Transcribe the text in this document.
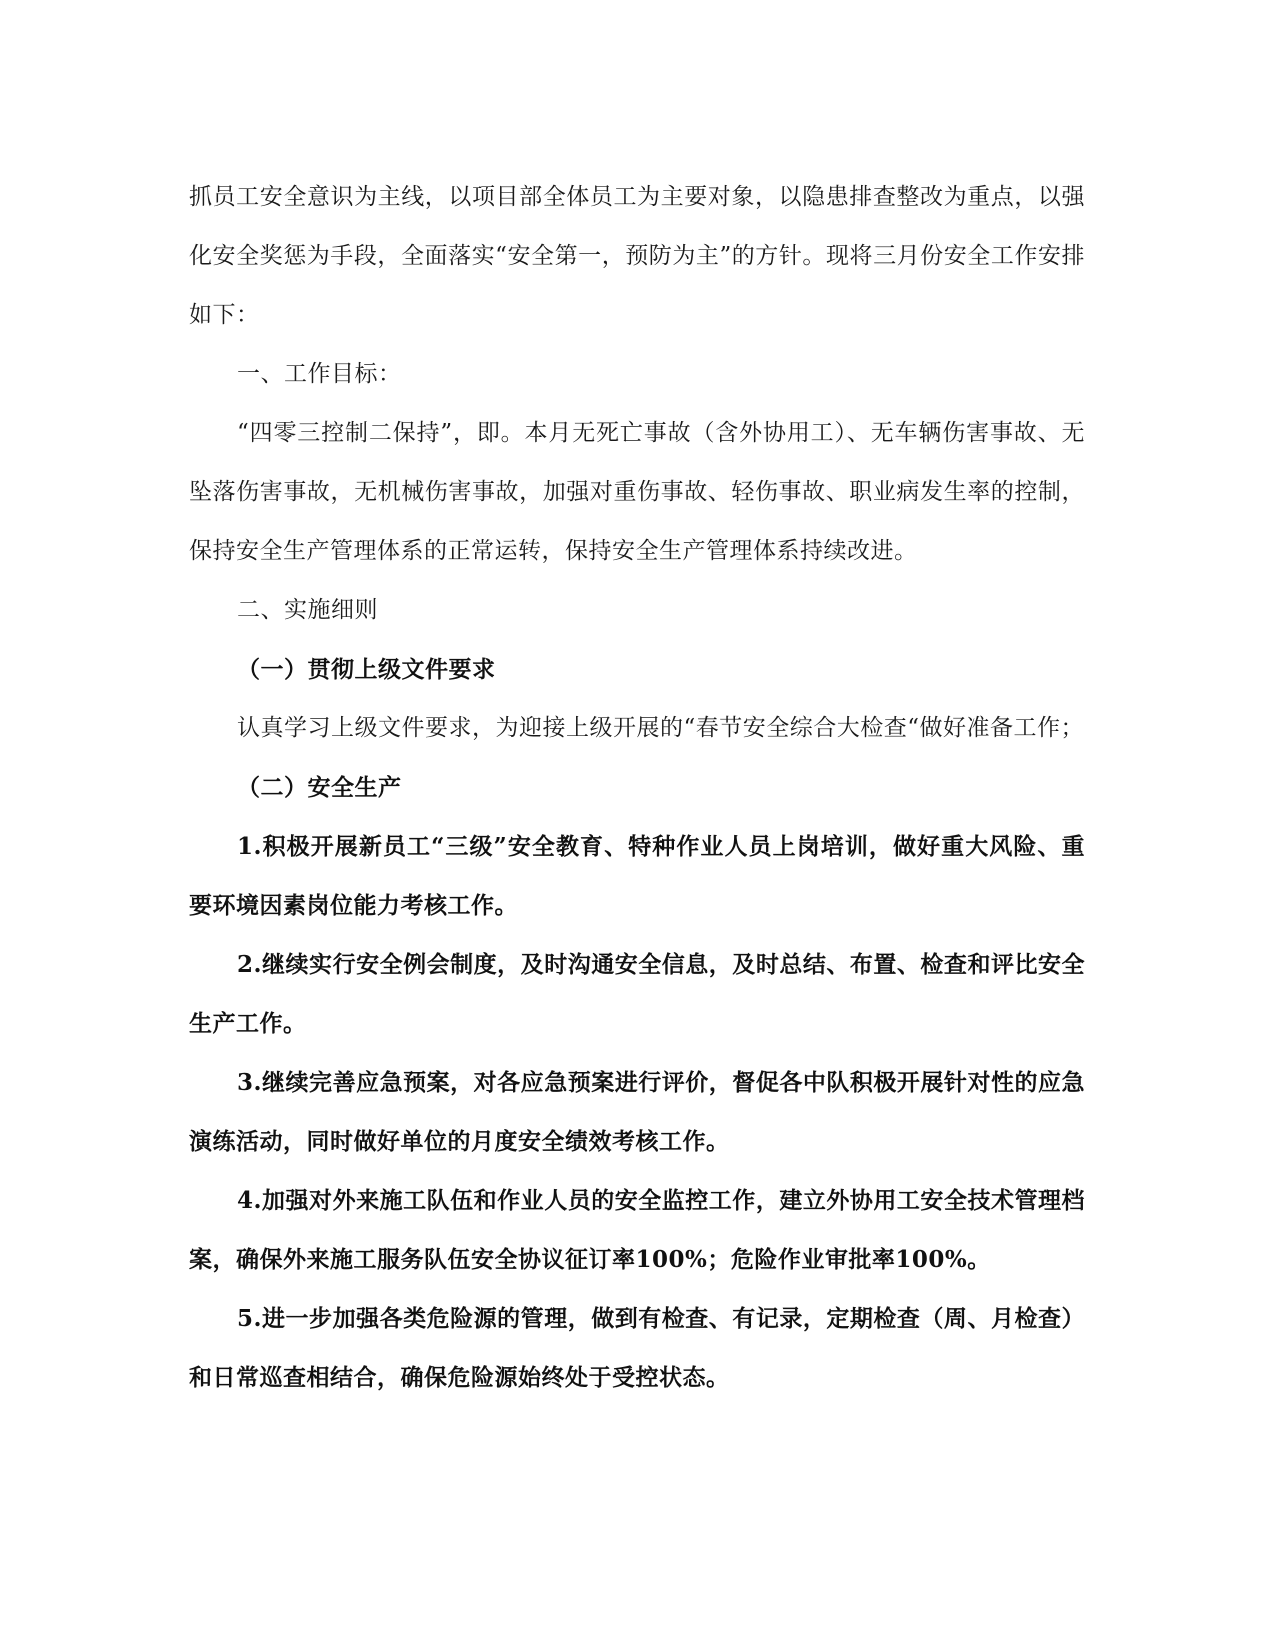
抓员工安全意识为主线，以项目部全体员工为主要对象，以隐患排查整改为重点，以强化安全奖惩为手段，全面落实“安全第一，预防为主”的方针。现将三月份安全工作安排如下：

一、工作目标：

“四零三控制二保持”，即。本月无死亡事故（含外协用工）、无车辆伤害事故、无坠落伤害事故，无机械伤害事故，加强对重伤事故、轻伤事故、职业病发生率的控制，保持安全生产管理体系的正常运转，保持安全生产管理体系持续改进。

二、实施细则

（一）贯彻上级文件要求

认真学习上级文件要求，为迎接上级开展的“春节安全综合大检查“做好准备工作；

（二）安全生产

1.积极开展新员工“三级”安全教育、特种作业人员上岗培训，做好重大风险、重要环境因素岗位能力考核工作。

2.继续实行安全例会制度，及时沟通安全信息，及时总结、布置、检查和评比安全生产工作。

3.继续完善应急预案，对各应急预案进行评价，督促各中队积极开展针对性的应急演练活动，同时做好单位的月度安全绩效考核工作。

4.加强对外来施工队伍和作业人员的安全监控工作，建立外协用工安全技术管理档案，确保外来施工服务队伍安全协议征订率100%；危险作业审批率100%。

5.进一步加强各类危险源的管理，做到有检查、有记录，定期检查（周、月检查）和日常巡查相结合，确保危险源始终处于受控状态。
